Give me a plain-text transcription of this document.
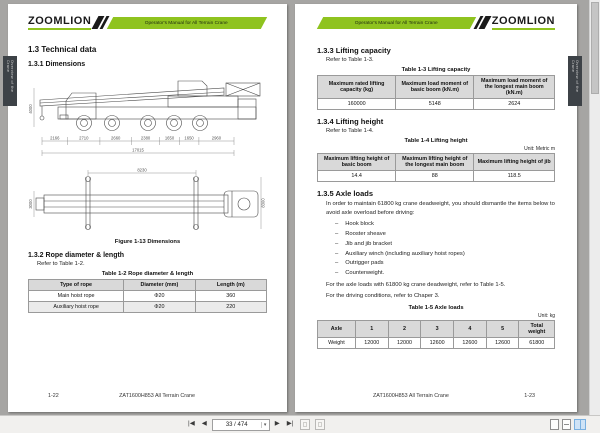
Overview of the Crane
ZOOMLION	Operator's Manual for All Terrain Crane
1.3 Technical data
1.3.1 Dimensions
4000
2166	2710	2660	2380	1650 1650	2960
17015
8230
3000	8300
Figure 1-13 Dimensions
1.3.2 Rope diameter & length

Refer to Table 1-2.

Table 1-2 Rope diameter & length
Type of rope	Diameter (mm)	Length (m)
Main hoist rope	Φ20	360
Auxiliary hoist rope	Φ20	220
1-22	ZAT1600H853 All Terrain Crane
Overview of the Crane
Operator's Manual for All Terrain Crane	ZOOMLION
1.3.3 Lifting capacity

Refer to Table 1-3.

Table 1-3 Lifting capacity
Maximum rated lifting capacity (kg)	Maximum load moment of basic boom (kN.m)	Maximum load moment of the longest main boom (kN.m)
160000	5148	2624
1.3.4 Lifting height

Refer to Table 1-4.

Table 1-4 Lifting height
Unit: Metric m
Maximum lifting height of basic boom	Maximum lifting height of the longest main boom	Maximum lifting height of jib
14.4	88	118.5
1.3.5 Axle loads

In order to maintain 61800 kg crane deadweight, you should dismantle the items below to avoid axle overload before driving:

– Hook block
– Rooster sheave
– Jib and jib bracket
– Auxiliary winch (including auxiliary hoist ropes)
– Outrigger pads
– Counterweight.

For the axle loads with 61800 kg crane deadweight, refer to Table 1-5.

For the driving conditions, refer to Chaper 3.

Table 1-5 Axle loads
Unit: kg
Axle	1	2	3	4	5	Total weight
Weight	12000	12000	12600	12600	12600	61800
ZAT1600H853 All Terrain Crane	1-23
|◀	◀	33 / 474	▾	▶	▶|
